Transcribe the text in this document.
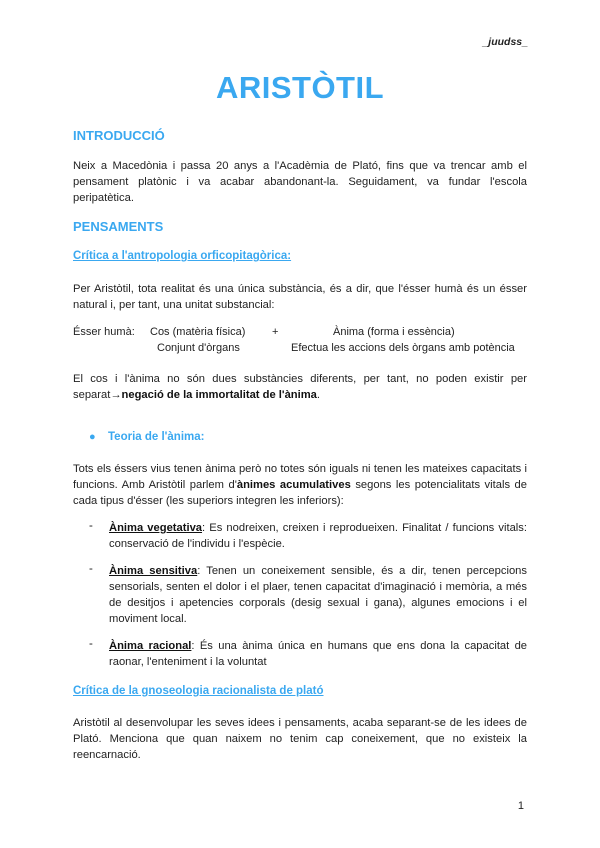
_juudss_
ARISTÒTIL
INTRODUCCIÓ
Neix a Macedònia i passa 20 anys a l'Acadèmia de Plató, fins que va trencar amb el pensament platònic i va acabar abandonant-la. Seguidament, va fundar l'escola peripatètica.
PENSAMENTS
Crítica a l'antropologia orficopitagòrica:
Per Aristòtil, tota realitat és una única substància, és a dir, que l'ésser humà és un ésser natural i, per tant, una unitat substancial:
Ésser humà: Cos (matèria física) +	Ànima (forma i essència)
Conjunt d'òrgans	Efectua les accions dels òrgans amb potència
El cos i l'ànima no són dues substàncies diferents, per tant, no poden existir per separat→negació de la immortalitat de l'ànima.
● Teoria de l'ànima:
Tots els éssers vius tenen ànima però no totes són iguals ni tenen les mateixes capacitats i funcions. Amb Aristòtil parlem d'ànimes acumulatives segons les potencialitats vitals de cada tipus d'ésser (les superiors integren les inferiors):
- Ànima vegetativa: Es nodreixen, creixen i reprodueixen. Finalitat / funcions vitals: conservació de l'individu i l'espècie.
- Ànima sensitiva: Tenen un coneixement sensible, és a dir, tenen percepcions sensorials, senten el dolor i el plaer, tenen capacitat d'imaginació i memòria, a més de desitjos i apetencies corporals (desig sexual i gana), algunes emocions i el moviment local.
- Ànima racional: És una ànima única en humans que ens dona la capacitat de raonar, l'enteniment i la voluntat
Crítica de la gnoseologia racionalista de plató
Aristòtil al desenvolupar les seves idees i pensaments, acaba separant-se de les idees de Plató. Menciona que quan naixem no tenim cap coneixement, que no existeix la reencarnació.
1
